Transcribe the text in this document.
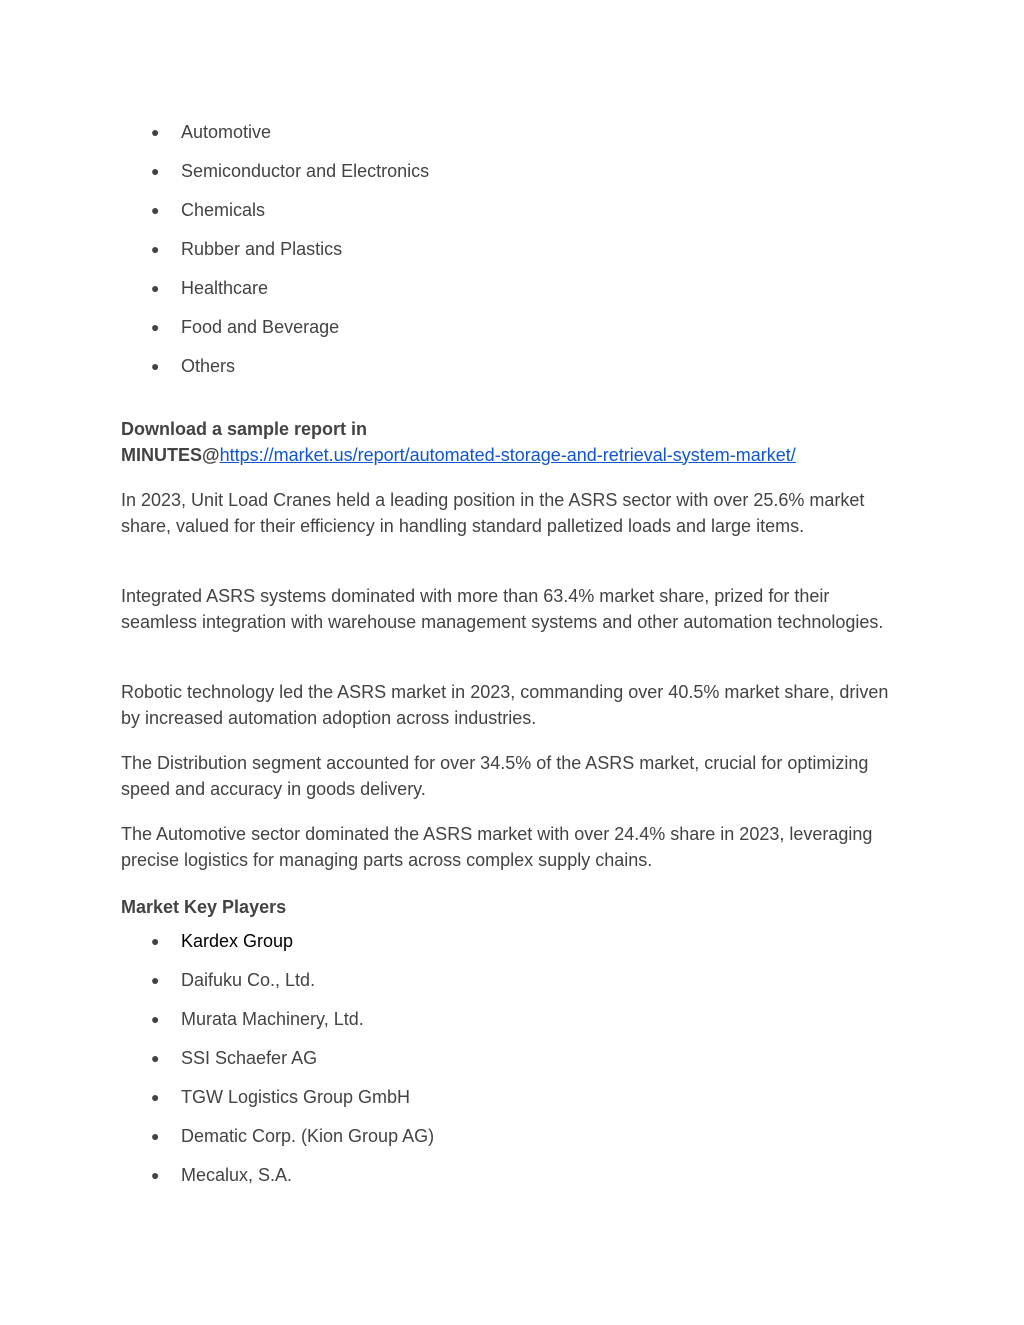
● Automotive
● Semiconductor and Electronics
● Chemicals
● Rubber and Plastics
● Healthcare
● Food and Beverage
● Others

Download a sample report in
MINUTES@https://market.us/report/automated-storage-and-retrieval-system-market/

In 2023, Unit Load Cranes held a leading position in the ASRS sector with over 25.6% market share, valued for their efficiency in handling standard palletized loads and large items.

Integrated ASRS systems dominated with more than 63.4% market share, prized for their seamless integration with warehouse management systems and other automation technologies.

Robotic technology led the ASRS market in 2023, commanding over 40.5% market share, driven by increased automation adoption across industries.

The Distribution segment accounted for over 34.5% of the ASRS market, crucial for optimizing speed and accuracy in goods delivery.

The Automotive sector dominated the ASRS market with over 24.4% share in 2023, leveraging precise logistics for managing parts across complex supply chains.

Market Key Players
● Kardex Group
● Daifuku Co., Ltd.
● Murata Machinery, Ltd.
● SSI Schaefer AG
● TGW Logistics Group GmbH
● Dematic Corp. (Kion Group AG)
● Mecalux, S.A.
